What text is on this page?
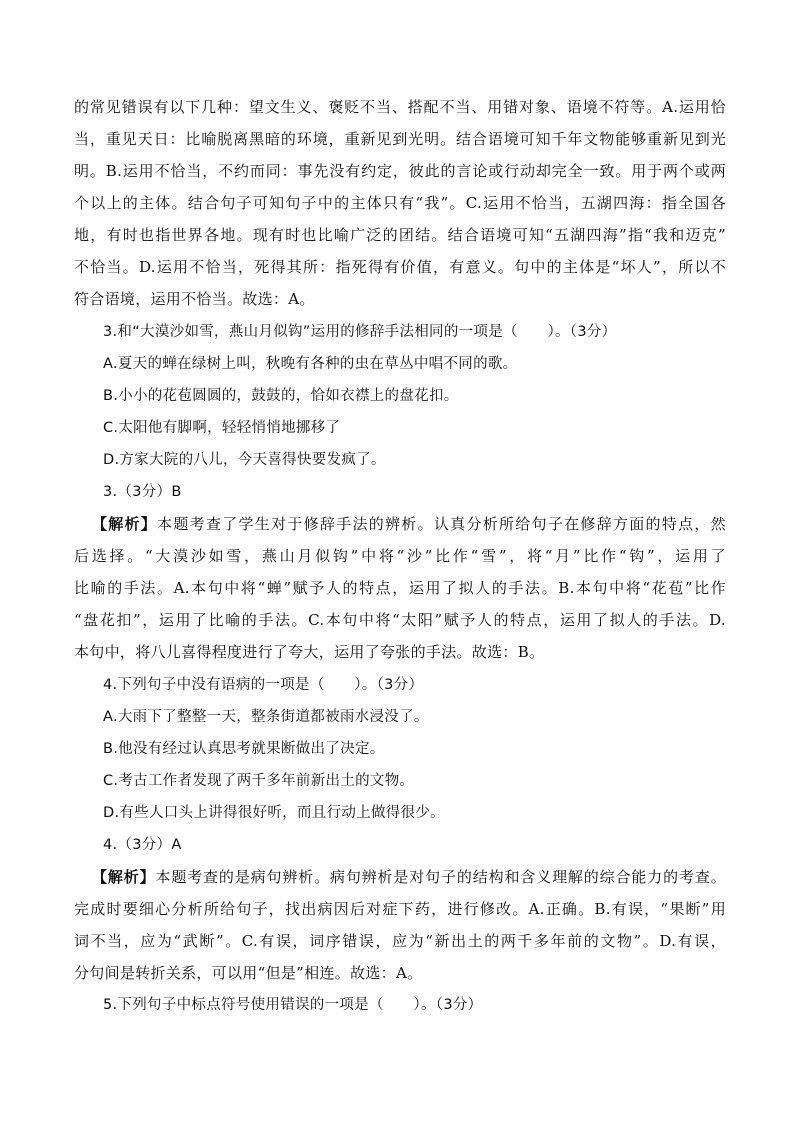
的常见错误有以下几种：望文生义、褒贬不当、搭配不当、用错对象、语境不符等。A.运用恰
当，重见天日：比喻脱离黑暗的环境，重新见到光明。结合语境可知千年文物能够重新见到光
明。B.运用不恰当，不约而同：事先没有约定，彼此的言论或行动却完全一致。用于两个或两
个以上的主体。结合句子可知句子中的主体只有“我”。C.运用不恰当，五湖四海：指全国各
地，有时也指世界各地。现有时也比喻广泛的团结。结合语境可知“五湖四海”指“我和迈克”
不恰当。D.运用不恰当，死得其所：指死得有价值，有意义。句中的主体是“坏人”，所以不
符合语境，运用不恰当。故选：A。
3.和“大漠沙如雪，燕山月似钩”运用的修辞手法相同的一项是（　　）。（3分）
A.夏天的蝉在绿树上叫，秋晚有各种的虫在草丛中唱不同的歌。
B.小小的花苞圆圆的，鼓鼓的，恰如衣襟上的盘花扣。
C.太阳他有脚啊，轻轻悄悄地挪移了
D.方家大院的八儿，今天喜得快要发疯了。
3.（3分）B
【解析】本题考查了学生对于修辞手法的辨析。认真分析所给句子在修辞方面的特点，然
后选择。“大漠沙如雪，燕山月似钩”中将“沙”比作“雪”，将“月”比作“钩”，运用了
比喻的手法。A.本句中将“蝉”赋予人的特点，运用了拟人的手法。B.本句中将“花苞”比作
“盘花扣”，运用了比喻的手法。C.本句中将“太阳”赋予人的特点，运用了拟人的手法。D.
本句中，将八儿喜得程度进行了夸大，运用了夸张的手法。故选：B。
4.下列句子中没有语病的一项是（　　）。（3分）
A.大雨下了整整一天，整条街道都被雨水浸没了。
B.他没有经过认真思考就果断做出了决定。
C.考古工作者发现了两千多年前新出土的文物。
D.有些人口头上讲得很好听，而且行动上做得很少。
4.（3分）A
【解析】本题考查的是病句辨析。病句辨析是对句子的结构和含义理解的综合能力的考查。
完成时要细心分析所给句子，找出病因后对症下药，进行修改。A.正确。B.有误，“果断”用
词不当，应为“武断”。C.有误，词序错误，应为“新出土的两千多年前的文物”。D.有误，
分句间是转折关系，可以用“但是”相连。故选：A。
5.下列句子中标点符号使用错误的一项是（　　）。（3分）
